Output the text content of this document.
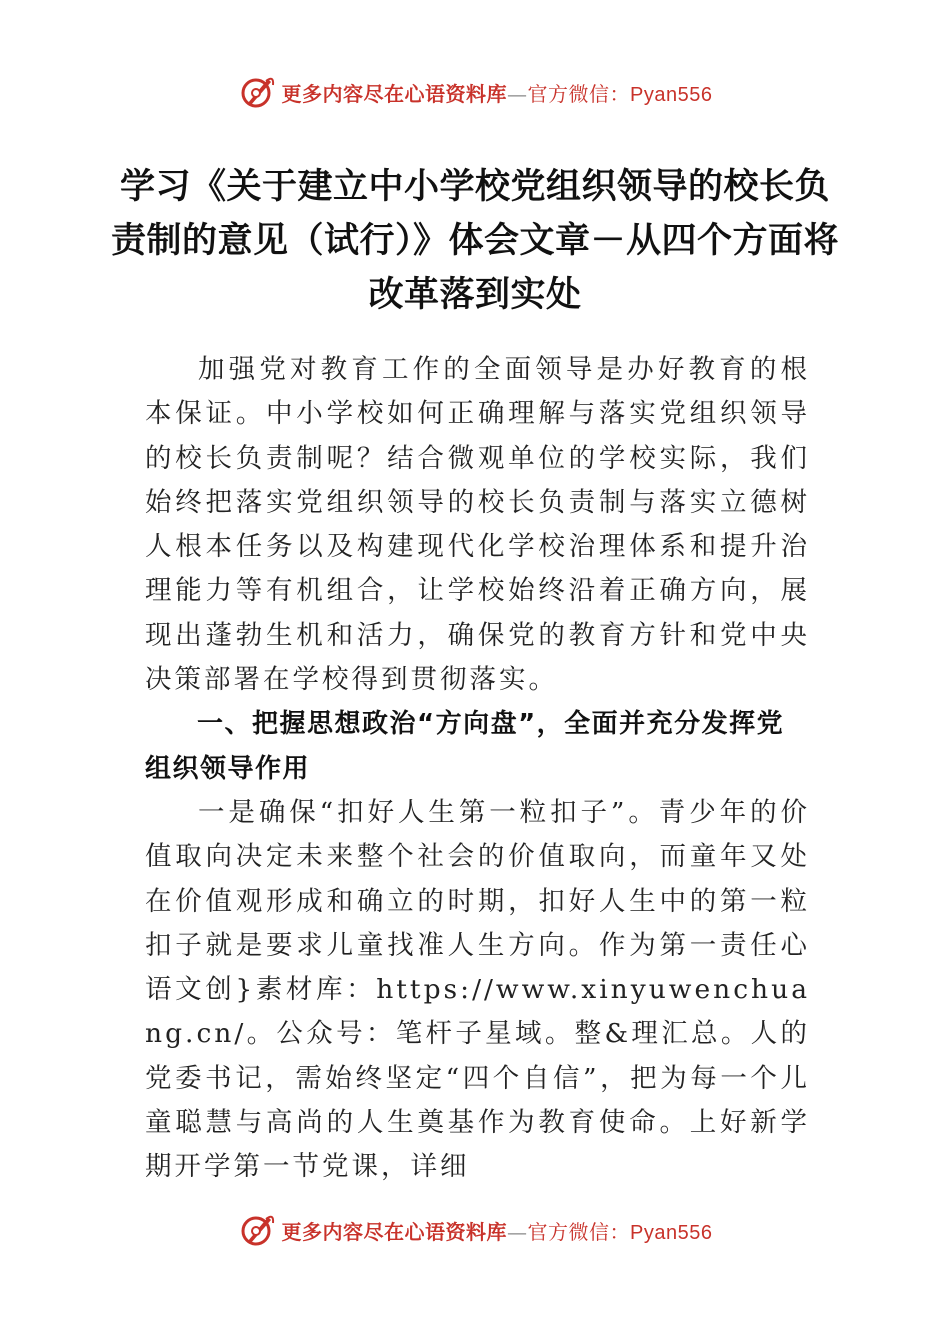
更多内容尽在心语资料库—官方微信：Pyan556
学习《关于建立中小学校党组织领导的校长负责制的意见（试行）》体会文章－从四个方面将改革落到实处

加强党对教育工作的全面领导是办好教育的根本保证。中小学校如何正确理解与落实党组织领导的校长负责制呢？结合微观单位的学校实际，我们始终把落实党组织领导的校长负责制与落实立德树人根本任务以及构建现代化学校治理体系和提升治理能力等有机组合，让学校始终沿着正确方向，展现出蓬勃生机和活力，确保党的教育方针和党中央决策部署在学校得到贯彻落实。

一、把握思想政治“方向盘”，全面并充分发挥党组织领导作用

一是确保“扣好人生第一粒扣子”。青少年的价值取向决定未来整个社会的价值取向，而童年又处在价值观形成和确立的时期，扣好人生中的第一粒扣子就是要求儿童找准人生方向。作为第一责任心语文创}素材库：https://www.xinyuwenchuang.cn/。公众号：笔杆子星域。整&理汇总。人的党委书记，需始终坚定“四个自信”，把为每一个儿童聪慧与高尚的人生奠基作为教育使命。上好新学期开学第一节党课，详细

更多内容尽在心语资料库—官方微信：Pyan556
